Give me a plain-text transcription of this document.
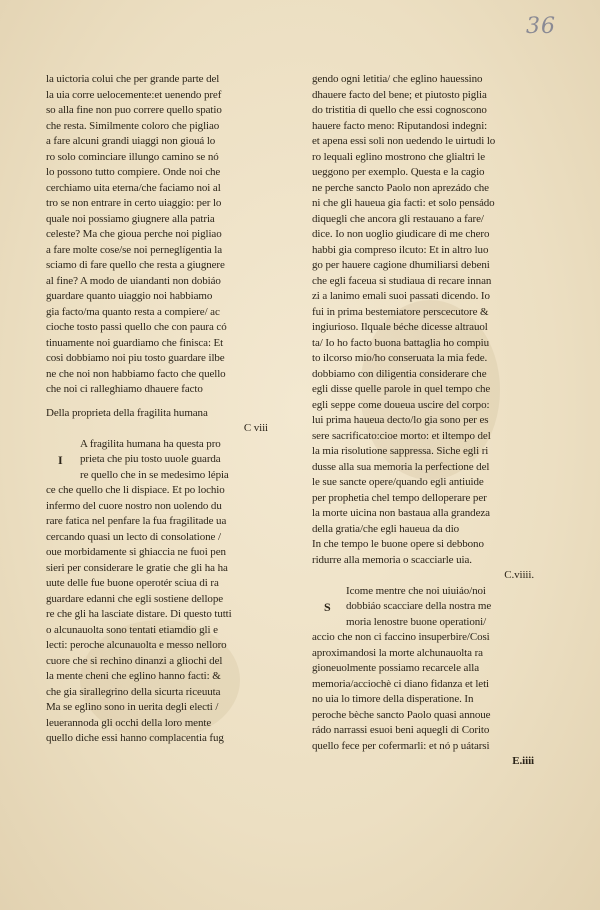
36
la uictoria colui che per grande parte del
la uia corre uelocemente:et uenendo pref
so alla fine non puo correre quello spatio
che resta. Similmente coloro che pigliao
a fare alcuni grandi uiaggi non giouá lo
ro solo cominciare illungo camino se nó
lo possono tutto compiere. Onde noi che
cerchiamo uita eterna/che faciamo noi al
tro se non entrare in certo uiaggio: per lo
quale noi possiamo giugnere alla patria
celeste? Ma che gioua perche noi pigliao
a fare molte cose/se noi perneglígentia la
sciamo di fare quello che resta a giugnere
al fine? A modo de uiandanti non dobiáo
guardare quanto uiaggio noi habbiamo
gia facto/ma quanto resta a compiere/ ac
cioche tosto passi quello che con paura có
tinuamente noi guardiamo che finisca: Et
cosi dobbiamo noi piu tosto guardare ilbe
ne che noi non habbiamo facto che quello
che noi ci ralleghiamo dhauere facto
Della proprieta della fragilita humana
C viii
I
A fragilita humana ha questa pro
prieta che piu tosto uuole guarda
re quello che in se medesimo lépia
ce che quello che li dispiace. Et po lochio
infermo del cuore nostro non uolendo du
rare fatica nel penfare la fua fragilitade ua
cercando quasi un lecto di consolatione /
oue morbidamente si ghiaccia ne fuoi pen
sieri per considerare le gratie che gli ha ha
uute delle fue buone operotér sciua di ra
guardare edanni che egli sostiene dellope
re che gli ha lasciate distare. Di questo tutti
o alcunauolta sono tentati etiamdio gli e
lecti: peroche alcunauolta e messo nelloro
cuore che si rechino dinanzi a gliochi del
la mente cheni che eglino hanno facti: &
che gia sirallegrino della sicurta riceuuta
Ma se eglino sono in uerita degli electi /
leuerannoda gli occhi della loro mente
quello diche essi hanno complacentia fug
gendo ogni letitia/ che eglino hauessino
dhauere facto del bene; et piutosto piglia
do tristitia di quello che essi cognoscono
hauere facto meno: Riputandosi indegni:
et apena essi soli non uedendo le uirtudi lo
ro lequali eglino mostrono che glialtri le
ueggono per exemplo. Questa e la cagio
ne perche sancto Paolo non aprezádo che
ni che gli haueua gia facti: et solo pensádo
diquegli che ancora gli restauano a fare/
dice. Io non uoglio giudicare di me chero
habbi gia compreso ilcuto: Et in altro luo
go per hauere cagione dhumiliarsi debeni
che egli faceua si studiaua di recare innan
zi a lanimo emali suoi passati dicendo. Io
fui in prima bestemiatore perscecutore &
ingiurioso. Ilquale béche dicesse altrauol
ta/ Io ho facto buona battaglia ho compiu
to ilcorso mio/ho conseruata la mia fede.
dobbiamo con diligentia considerare che
egli disse quelle parole in quel tempo che
egli seppe come doueua uscire del corpo:
lui prima haueua decto/lo gia sono per es
sere sacrificato:cioe morto: et iltempo del
la mia risolutione sappressa. Siche egli ri
dusse alla sua memoria la perfectione del
le sue sancte opere/quando egli antiuide
per prophetia chel tempo delloperare per
la morte uicina non bastaua alla grandeza
della gratia/che egli haueua da dio
In che tempo le buone opere si debbono
ridurre alla memoria o scacciarle uia.
C.viiii.
S
Icome mentre che noi uiuiáo/noi
dobbiáo scacciare della nostra me
moria lenostre buone operationi/
accio che non ci faccino insuperbire/Cosi
aproximandosi la morte alchunauolta ra
gioneuolmente possiamo recarcele alla
memoria/acciochè ci diano fidanza et leti
no uia lo timore della disperatione. In
peroche bèche sancto Paolo quasi annoue
rádo narrassi esuoi beni aquegli di Corito
quello fece per cofermarli: et nó p uátarsi
E.iiii
